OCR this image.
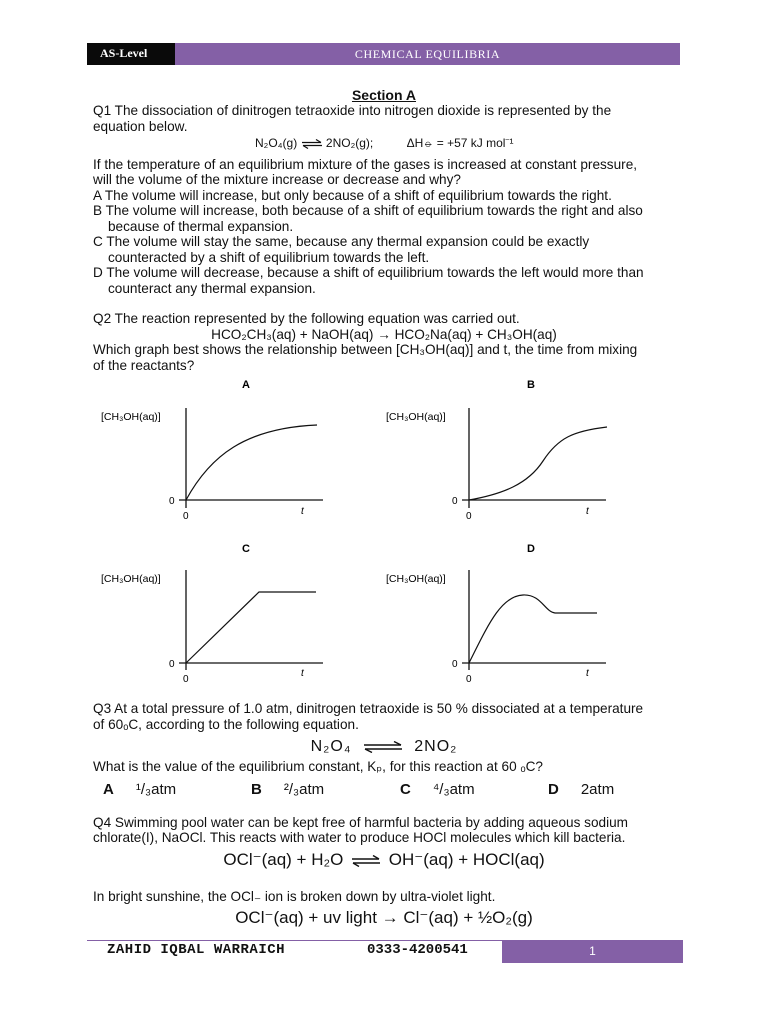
AS-Level	CHEMICAL EQUILIBRIA
Section A
Q1 The dissociation of dinitrogen tetraoxide into nitrogen dioxide is represented by the
equation below.
N₂O₄(g) ⇌ 2NO₂(g);	ΔH⦵ = +57 kJ mol⁻¹
If the temperature of an equilibrium mixture of the gases is increased at constant pressure,
will the volume of the mixture increase or decrease and why?
A The volume will increase, but only because of a shift of equilibrium towards the right.
B The volume will increase, both because of a shift of equilibrium towards the right and also
because of thermal expansion.
C The volume will stay the same, because any thermal expansion could be exactly
counteracted by a shift of equilibrium towards the left.
D The volume will decrease, because a shift of equilibrium towards the left would more than
counteract any thermal expansion.
Q2 The reaction represented by the following equation was carried out.
HCO₂CH₃(aq) + NaOH(aq) → HCO₂Na(aq) + CH₃OH(aq)
Which graph best shows the relationship between [CH₃OH(aq)] and t, the time from mixing
of the reactants?
A
[CH₃OH(aq)]
0
0	t
B
[CH₃OH(aq)]
0
0	t
C
[CH₃OH(aq)]
0
0
t
D
[CH₃OH(aq)]
0
0
t
Q3 At a total pressure of 1.0 atm, dinitrogen tetraoxide is 50 % dissociated at a temperature
of 60ₒC, according to the following equation.
N₂O₄ ⇌ 2NO₂
What is the value of the equilibrium constant, Kₚ, for this reaction at 60 ₒC?
A ¹/₃atm	B ²/₃atm	C ⁴/₃atm	D 2atm
Q4 Swimming pool water can be kept free of harmful bacteria by adding aqueous sodium
chlorate(I), NaOCl. This reacts with water to produce HOCl molecules which kill bacteria.
OCl⁻(aq) + H₂O ⇌ OH⁻(aq) + HOCl(aq)
In bright sunshine, the OCl₋ ion is broken down by ultra-violet light.
OCl⁻(aq) + uv light → Cl⁻(aq) + ½O₂(g)
ZAHID IQBAL WARRAICH	0333-4200541	1
